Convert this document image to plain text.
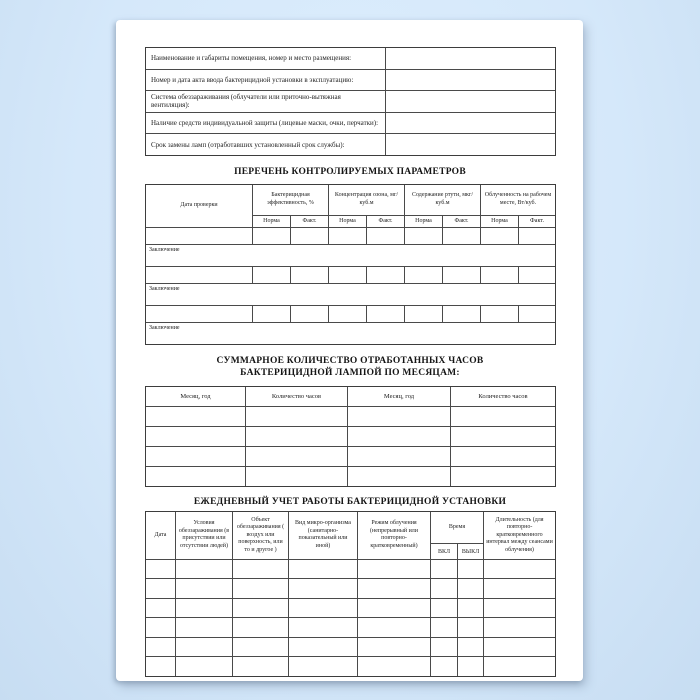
Наименование и габариты помещения, номер и место размещения:	
Номер и дата акта ввода бактерицидной установки в эксплуатацию:	
Система обеззараживания (облучатели или приточно-вытяжная вентиляция):	
Наличие средств индивидуальной защиты (лицевые маски, очки, перчатки):	
Срок замены ламп (отработавших установленный срок службы):	
ПЕРЕЧЕНЬ КОНТРОЛИРУЕМЫХ ПАРАМЕТРОВ
Дата проверки	Бактерицидная эффективность, %		Концентрация озона, мг/ куб.м		Содержание ртути, мкг/ куб.м		Облученность на рабочем месте, Вт/куб.	
	Норма	Факт.	Норма	Факт.	Норма	Факт.	Норма	Факт.

Заключение								

Заключение								

Заключение								
СУММАРНОЕ КОЛИЧЕСТВО ОТРАБОТАННЫХ ЧАСОВ
БАКТЕРИЦИДНОЙ ЛАМПОЙ ПО МЕСЯЦАМ:
Месяц, год	Количество часов	Месяц, год	Количество часов

ЕЖЕДНЕВНЫЙ УЧЕТ РАБОТЫ БАКТЕРИЦИДНОЙ УСТАНОВКИ
Дата	Условия обеззараживания (в присутствии или отсутствии людей)	Объект обеззараживания ( воздух или поверхность, или то и другое )	Вид микро-организма (санитарно-показательный или иной)	Режим облучения (непрерывный или повторно-кратковременный)	Время		Длительность (для повторно-кратковременного интервал между сеансами облучения)
					ВКЛ	ВЫКЛ	
